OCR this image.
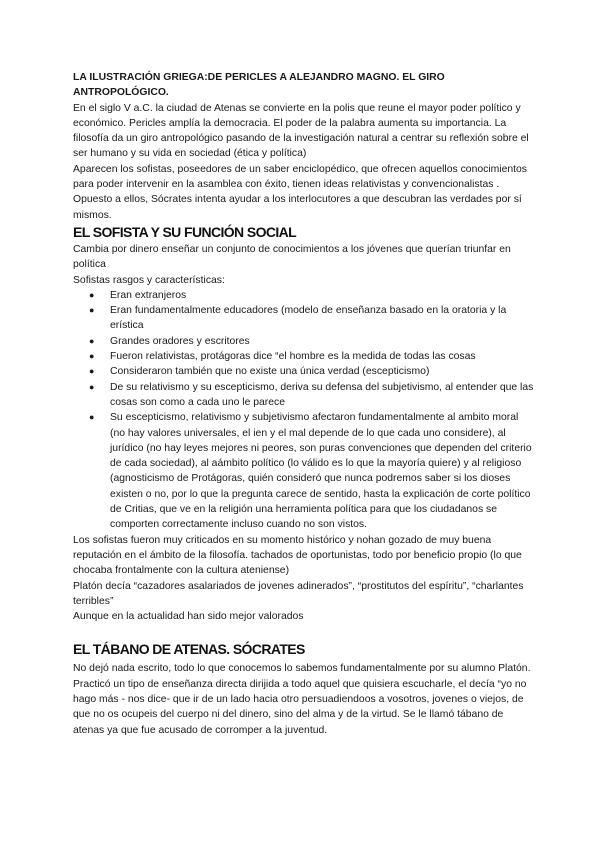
LA ILUSTRACIÓN GRIEGA:DE PERICLES A ALEJANDRO MAGNO. EL GIRO ANTROPOLÓGICO.

En el siglo V a.C. la ciudad de Atenas se convierte en la polis que reune el mayor poder político y económico. Pericles amplía la democracia. El poder de la palabra aumenta su importancia. La filosofía da un giro antropológico pasando de la investigación natural a centrar su reflexión sobre el ser humano y su vida en sociedad (ética y política)

Aparecen los sofistas, poseedores de un saber enciclopédico, que ofrecen aquellos conocimientos para poder intervenir en la asamblea con éxito, tienen ideas relativistas y convencionalistas . Opuesto a ellos, Sócrates intenta ayudar a los interlocutores a que descubran las verdades por sí mismos.

EL SOFISTA Y SU FUNCIÓN SOCIAL

Cambia por dinero enseñar un conjunto de conocimientos a los jóvenes que querían triunfar en política

Sofistas rasgos y características:

● Eran extranjeros
● Eran fundamentalmente educadores (modelo de enseñanza basado en la oratoria y la erística
● Grandes oradores y escritores
● Fueron relativistas, protágoras dice “el hombre es la medida de todas las cosas
● Consideraron también que no existe una única verdad (escepticismo)
● De su relativismo y su escepticismo, deriva su defensa del subjetivismo, al entender que las cosas son como a cada uno le parece
● Su escepticismo, relativismo y subjetivismo afectaron fundamentalmente al ambito moral (no hay valores universales, el ien y el mal depende de lo que cada uno considere), al jurídico (no hay leyes mejores ni peores, son puras convenciones que dependen del criterio de cada sociedad), al aámbito político (lo válido es lo que la mayoría quiere) y al religioso (agnosticismo de Protágoras, quién consideró que nunca podremos saber si los dioses existen o no, por lo que la pregunta carece de sentido, hasta la explicación de corte político de Critias, que ve en la religión una herramienta política para que los ciudadanos se comporten correctamente incluso cuando no son vistos.

Los sofistas fueron muy criticados en su momento histórico y nohan gozado de muy buena reputación en el ámbito de la filosofía. tachados de oportunistas, todo por beneficio propio (lo que chocaba frontalmente con la cultura ateniense)

Platón decía “cazadores asalariados de jovenes adinerados”, “prostitutos del espíritu”, “charlantes terribles”

Aunque en la actualidad han sido mejor valorados

EL TÁBANO DE ATENAS. SÓCRATES

No dejó nada escrito, todo lo que conocemos lo sabemos fundamentalmente por su alumno Platón.

Practicó un tipo de enseñanza directa dirijida a todo aquel que quisiera escucharle, el decía “yo no hago más - nos dice- que ir de un lado hacia otro persuadiendoos a vosotros, jovenes o viejos, de que no os ocupeis del cuerpo ni del dinero, sino del alma y de la virtud. Se le llamó tábano de atenas ya que fue acusado de corromper a la juventud.
